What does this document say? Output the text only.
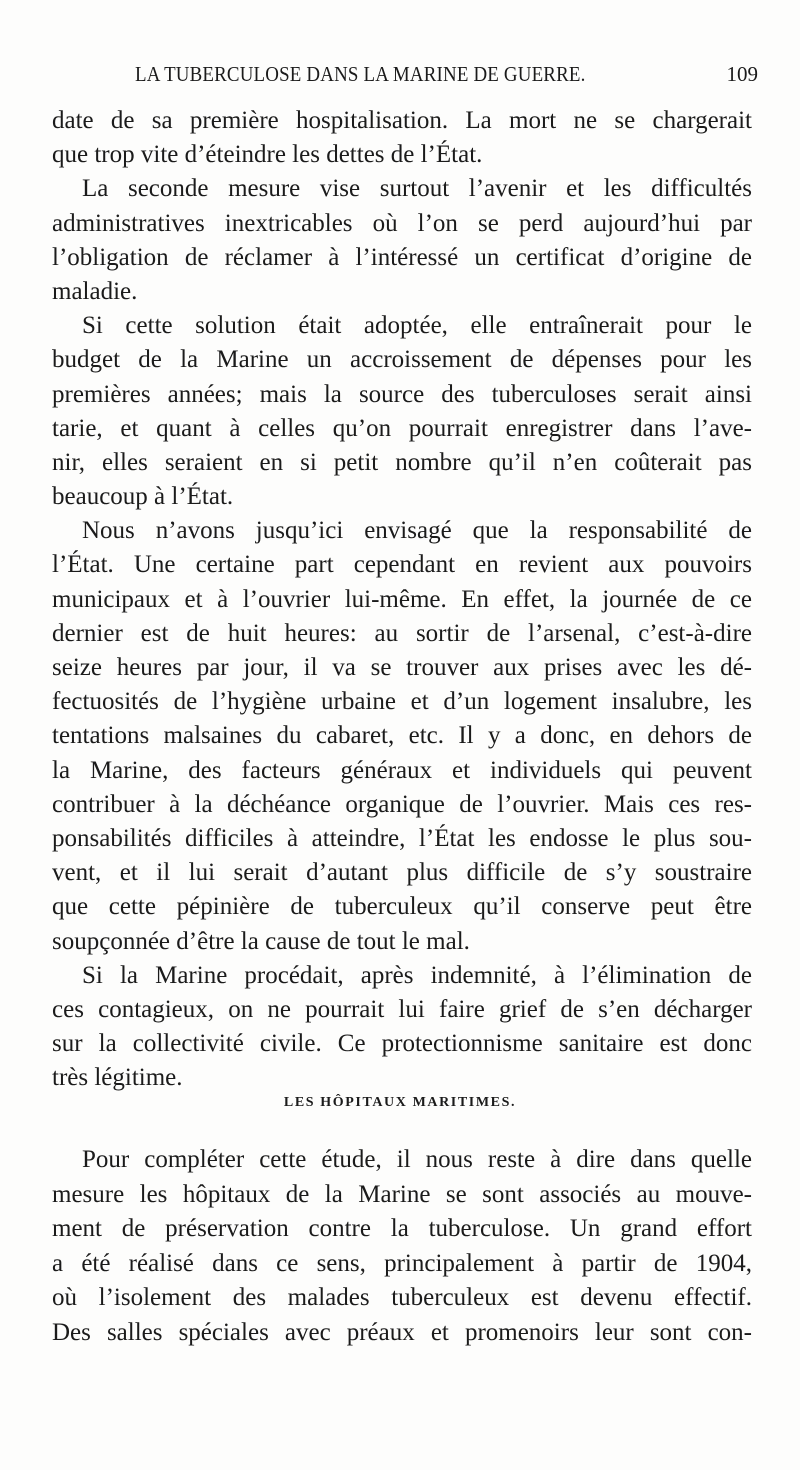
LA TUBERCULOSE DANS LA MARINE DE GUERRE.	109
date de sa première hospitalisation. La mort ne se chargerait
que trop vite d’éteindre les dettes de l’État.
La seconde mesure vise surtout l’avenir et les difficultés
administratives inextricables où l’on se perd aujourd’hui par
l’obligation de réclamer à l’intéressé un certificat d’origine de
maladie.
Si cette solution était adoptée, elle entraînerait pour le
budget de la Marine un accroissement de dépenses pour les
premières années; mais la source des tuberculoses serait ainsi
tarie, et quant à celles qu’on pourrait enregistrer dans l’ave-
nir, elles seraient en si petit nombre qu’il n’en coûterait pas
beaucoup à l’État.
Nous n’avons jusqu’ici envisagé que la responsabilité de
l’État. Une certaine part cependant en revient aux pouvoirs
municipaux et à l’ouvrier lui-même. En effet, la journée de ce
dernier est de huit heures: au sortir de l’arsenal, c’est-à-dire
seize heures par jour, il va se trouver aux prises avec les dé-
fectuosités de l’hygiène urbaine et d’un logement insalubre, les
tentations malsaines du cabaret, etc. Il y a donc, en dehors de
la Marine, des facteurs généraux et individuels qui peuvent
contribuer à la déchéance organique de l’ouvrier. Mais ces res-
ponsabilités difficiles à atteindre, l’État les endosse le plus sou-
vent, et il lui serait d’autant plus difficile de s’y soustraire
que cette pépinière de tuberculeux qu’il conserve peut être
soupçonnée d’être la cause de tout le mal.
Si la Marine procédait, après indemnité, à l’élimination de
ces contagieux, on ne pourrait lui faire grief de s’en décharger
sur la collectivité civile. Ce protectionnisme sanitaire est donc
très légitime.
LES HÔPITAUX MARITIMES.
Pour compléter cette étude, il nous reste à dire dans quelle
mesure les hôpitaux de la Marine se sont associés au mouve-
ment de préservation contre la tuberculose. Un grand effort
a été réalisé dans ce sens, principalement à partir de 1904,
où l’isolement des malades tuberculeux est devenu effectif.
Des salles spéciales avec préaux et promenoirs leur sont con-
